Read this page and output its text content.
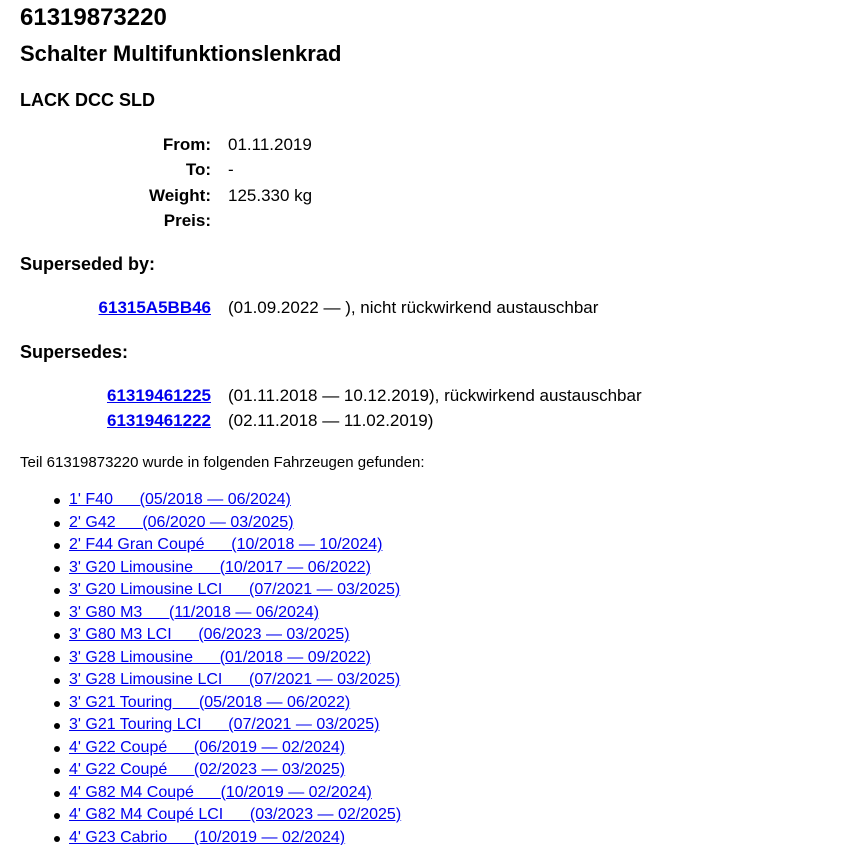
61319873220
Schalter Multifunktionslenkrad
LACK DCC SLD
From: 01.11.2019
To: -
Weight: 125.330 kg
Preis:
Superseded by:
61315A5BB46 (01.09.2022 — ), nicht rückwirkend austauschbar
Supersedes:
61319461225 (01.11.2018 — 10.12.2019), rückwirkend austauschbar
61319461222 (02.11.2018 — 11.02.2019)

Teil 61319873220 wurde in folgenden Fahrzeugen gefunden:

1' F40      (05/2018 — 06/2024)
2' G42      (06/2020 — 03/2025)
2' F44 Gran Coupé      (10/2018 — 10/2024)
3' G20 Limousine      (10/2017 — 06/2022)
3' G20 Limousine LCI      (07/2021 — 03/2025)
3' G80 M3      (11/2018 — 06/2024)
3' G80 M3 LCI      (06/2023 — 03/2025)
3' G28 Limousine      (01/2018 — 09/2022)
3' G28 Limousine LCI      (07/2021 — 03/2025)
3' G21 Touring      (05/2018 — 06/2022)
3' G21 Touring LCI      (07/2021 — 03/2025)
4' G22 Coupé      (06/2019 — 02/2024)
4' G22 Coupé      (02/2023 — 03/2025)
4' G82 M4 Coupé      (10/2019 — 02/2024)
4' G82 M4 Coupé LCI      (03/2023 — 02/2025)
4' G23 Cabrio      (10/2019 — 02/2024)
